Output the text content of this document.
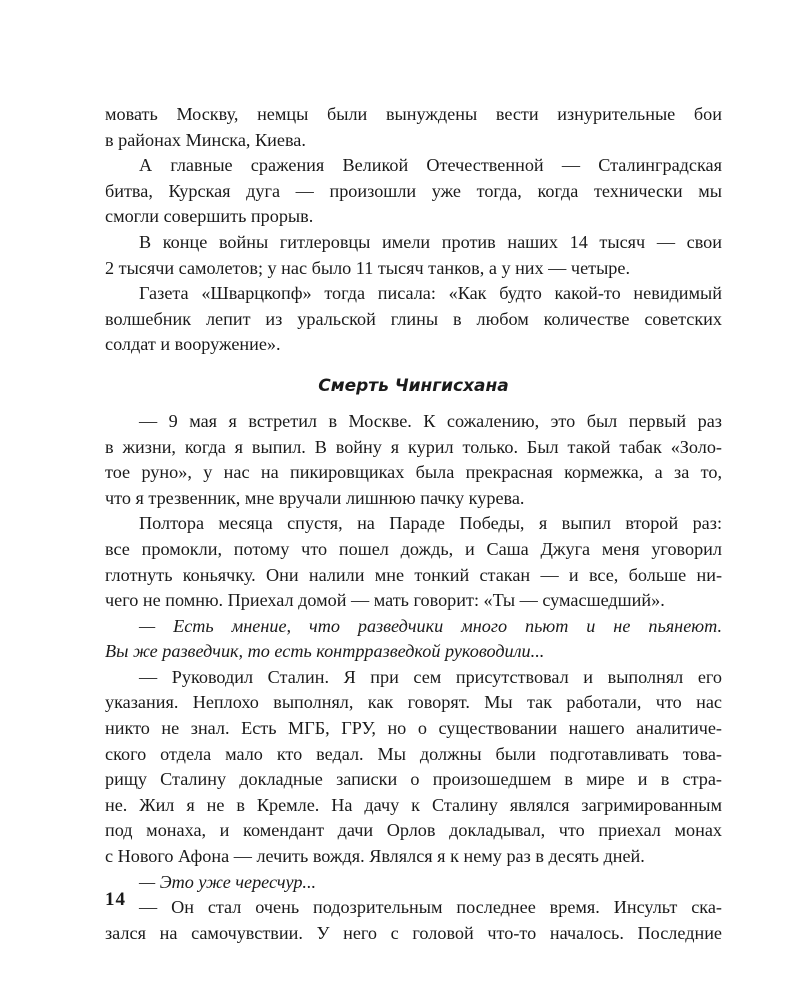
мовать Москву, немцы были вынуждены вести изнурительные бои
в районах Минска, Киева.
А главные сражения Великой Отечественной — Сталинградская
битва, Курская дуга — произошли уже тогда, когда технически мы
смогли совершить прорыв.
В конце войны гитлеровцы имели против наших 14 тысяч — свои
2 тысячи самолетов; у нас было 11 тысяч танков, а у них — четыре.
Газета «Шварцкопф» тогда писала: «Как будто какой-то невидимый
волшебник лепит из уральской глины в любом количестве советских
солдат и вооружение».
Смерть Чингисхана
— 9 мая я встретил в Москве. К сожалению, это был первый раз
в жизни, когда я выпил. В войну я курил только. Был такой табак «Золо-
тое руно», у нас на пикировщиках была прекрасная кормежка, а за то,
что я трезвенник, мне вручали лишнюю пачку курева.
Полтора месяца спустя, на Параде Победы, я выпил второй раз:
все промокли, потому что пошел дождь, и Саша Джуга меня уговорил
глотнуть коньячку. Они налили мне тонкий стакан — и все, больше ни-
чего не помню. Приехал домой — мать говорит: «Ты — сумасшедший».
— Есть мнение, что разведчики много пьют и не пьянеют.
Вы же разведчик, то есть контрразведкой руководили...
— Руководил Сталин. Я при сем присутствовал и выполнял его
указания. Неплохо выполнял, как говорят. Мы так работали, что нас
никто не знал. Есть МГБ, ГРУ, но о существовании нашего аналитиче-
ского отдела мало кто ведал. Мы должны были подготавливать това-
рищу Сталину докладные записки о произошедшем в мире и в стра-
не. Жил я не в Кремле. На дачу к Сталину являлся загримированным
под монаха, и комендант дачи Орлов докладывал, что приехал монах
с Нового Афона — лечить вождя. Являлся я к нему раз в десять дней.
— Это уже чересчур...
— Он стал очень подозрительным последнее время. Инсульт ска-
зался на самочувствии. У него с головой что-то началось. Последние
14
